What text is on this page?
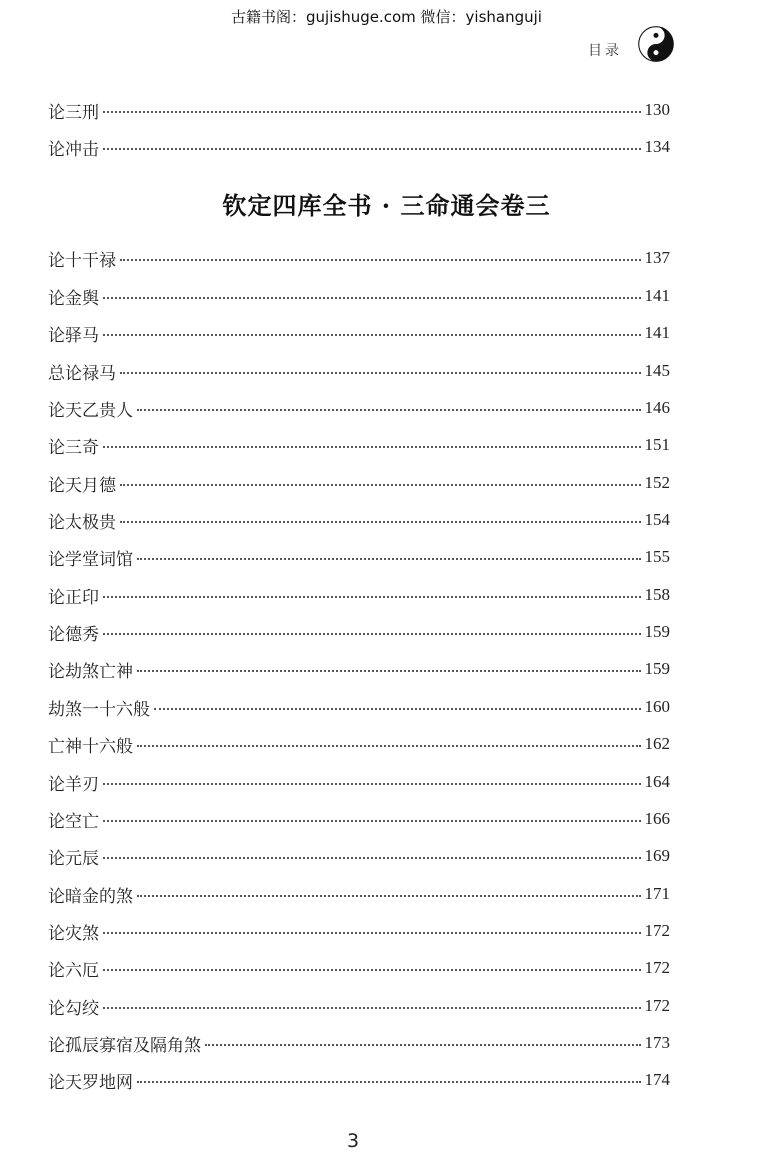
古籍书阁：gujishuge.com 微信：yishanguji
目录
论三刑	130
论冲击	134
钦定四库全书 · 三命通会卷三
论十干禄	137
论金舆	141
论驿马	141
总论禄马	145
论天乙贵人	146
论三奇	151
论天月德	152
论太极贵	154
论学堂词馆	155
论正印	158
论德秀	159
论劫煞亡神	159
劫煞一十六般	160
亡神十六般	162
论羊刃	164
论空亡	166
论元辰	169
论暗金的煞	171
论灾煞	172
论六厄	172
论勾绞	172
论孤辰寡宿及隔角煞	173
论天罗地网	174
3
